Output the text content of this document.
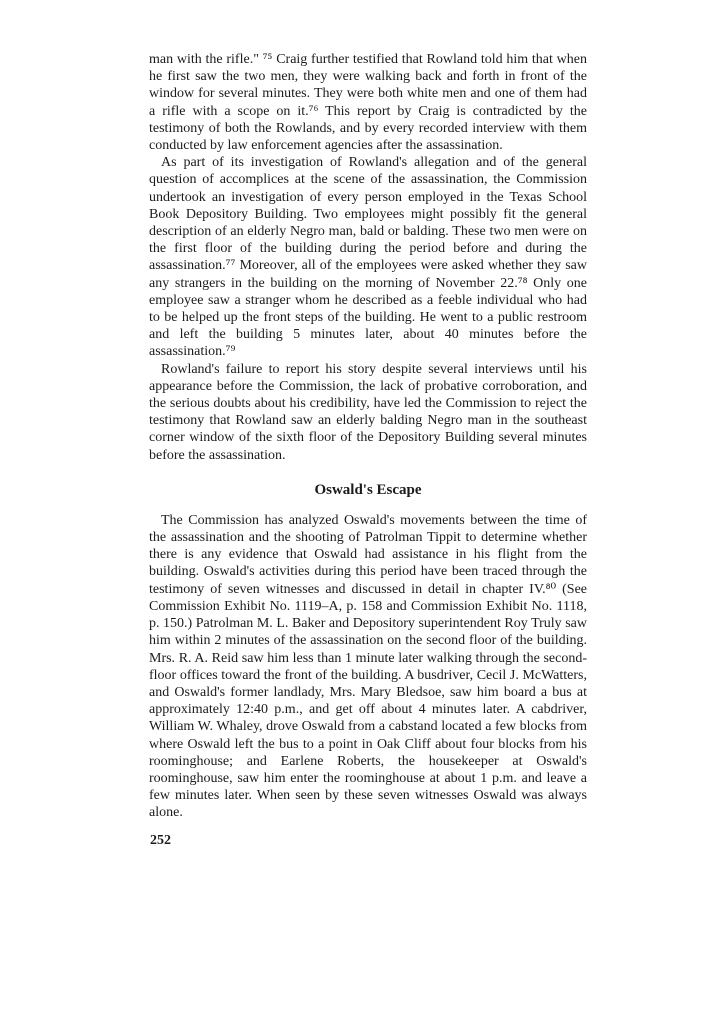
man with the rifle." ⁷⁵ Craig further testified that Rowland told him that when he first saw the two men, they were walking back and forth in front of the window for several minutes. They were both white men and one of them had a rifle with a scope on it.⁷⁶ This report by Craig is contradicted by the testimony of both the Rowlands, and by every recorded interview with them conducted by law enforcement agencies after the assassination.

As part of its investigation of Rowland's allegation and of the general question of accomplices at the scene of the assassination, the Commission undertook an investigation of every person employed in the Texas School Book Depository Building. Two employees might possibly fit the general description of an elderly Negro man, bald or balding. These two men were on the first floor of the building during the period before and during the assassination.⁷⁷ Moreover, all of the employees were asked whether they saw any strangers in the building on the morning of November 22.⁷⁸ Only one employee saw a stranger whom he described as a feeble individual who had to be helped up the front steps of the building. He went to a public restroom and left the building 5 minutes later, about 40 minutes before the assassination.⁷⁹

Rowland's failure to report his story despite several interviews until his appearance before the Commission, the lack of probative corroboration, and the serious doubts about his credibility, have led the Commission to reject the testimony that Rowland saw an elderly balding Negro man in the southeast corner window of the sixth floor of the Depository Building several minutes before the assassination.

Oswald's Escape

The Commission has analyzed Oswald's movements between the time of the assassination and the shooting of Patrolman Tippit to determine whether there is any evidence that Oswald had assistance in his flight from the building. Oswald's activities during this period have been traced through the testimony of seven witnesses and discussed in detail in chapter IV.⁸⁰ (See Commission Exhibit No. 1119–A, p. 158 and Commission Exhibit No. 1118, p. 150.) Patrolman M. L. Baker and Depository superintendent Roy Truly saw him within 2 minutes of the assassination on the second floor of the building. Mrs. R. A. Reid saw him less than 1 minute later walking through the second-floor offices toward the front of the building. A busdriver, Cecil J. McWatters, and Oswald's former landlady, Mrs. Mary Bledsoe, saw him board a bus at approximately 12:40 p.m., and get off about 4 minutes later. A cabdriver, William W. Whaley, drove Oswald from a cabstand located a few blocks from where Oswald left the bus to a point in Oak Cliff about four blocks from his roominghouse; and Earlene Roberts, the housekeeper at Oswald's roominghouse, saw him enter the roominghouse at about 1 p.m. and leave a few minutes later. When seen by these seven witnesses Oswald was always alone.

252
